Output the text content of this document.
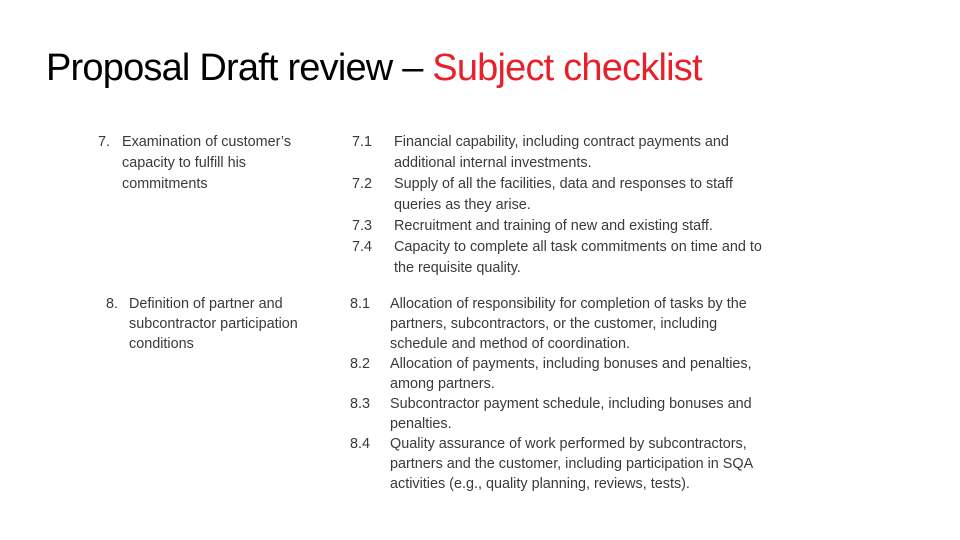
Proposal Draft review – Subject checklist
7. Examination of customer’s capacity to fulfill his commitments
7.1 Financial capability, including contract payments and additional internal investments.
7.2 Supply of all the facilities, data and responses to staff queries as they arise.
7.3 Recruitment and training of new and existing staff.
7.4 Capacity to complete all task commitments on time and to the requisite quality.
8. Definition of partner and subcontractor participation conditions
8.1 Allocation of responsibility for completion of tasks by the partners, subcontractors, or the customer, including schedule and method of coordination.
8.2 Allocation of payments, including bonuses and penalties, among partners.
8.3 Subcontractor payment schedule, including bonuses and penalties.
8.4 Quality assurance of work performed by subcontractors, partners and the customer, including participation in SQA activities (e.g., quality planning, reviews, tests).
